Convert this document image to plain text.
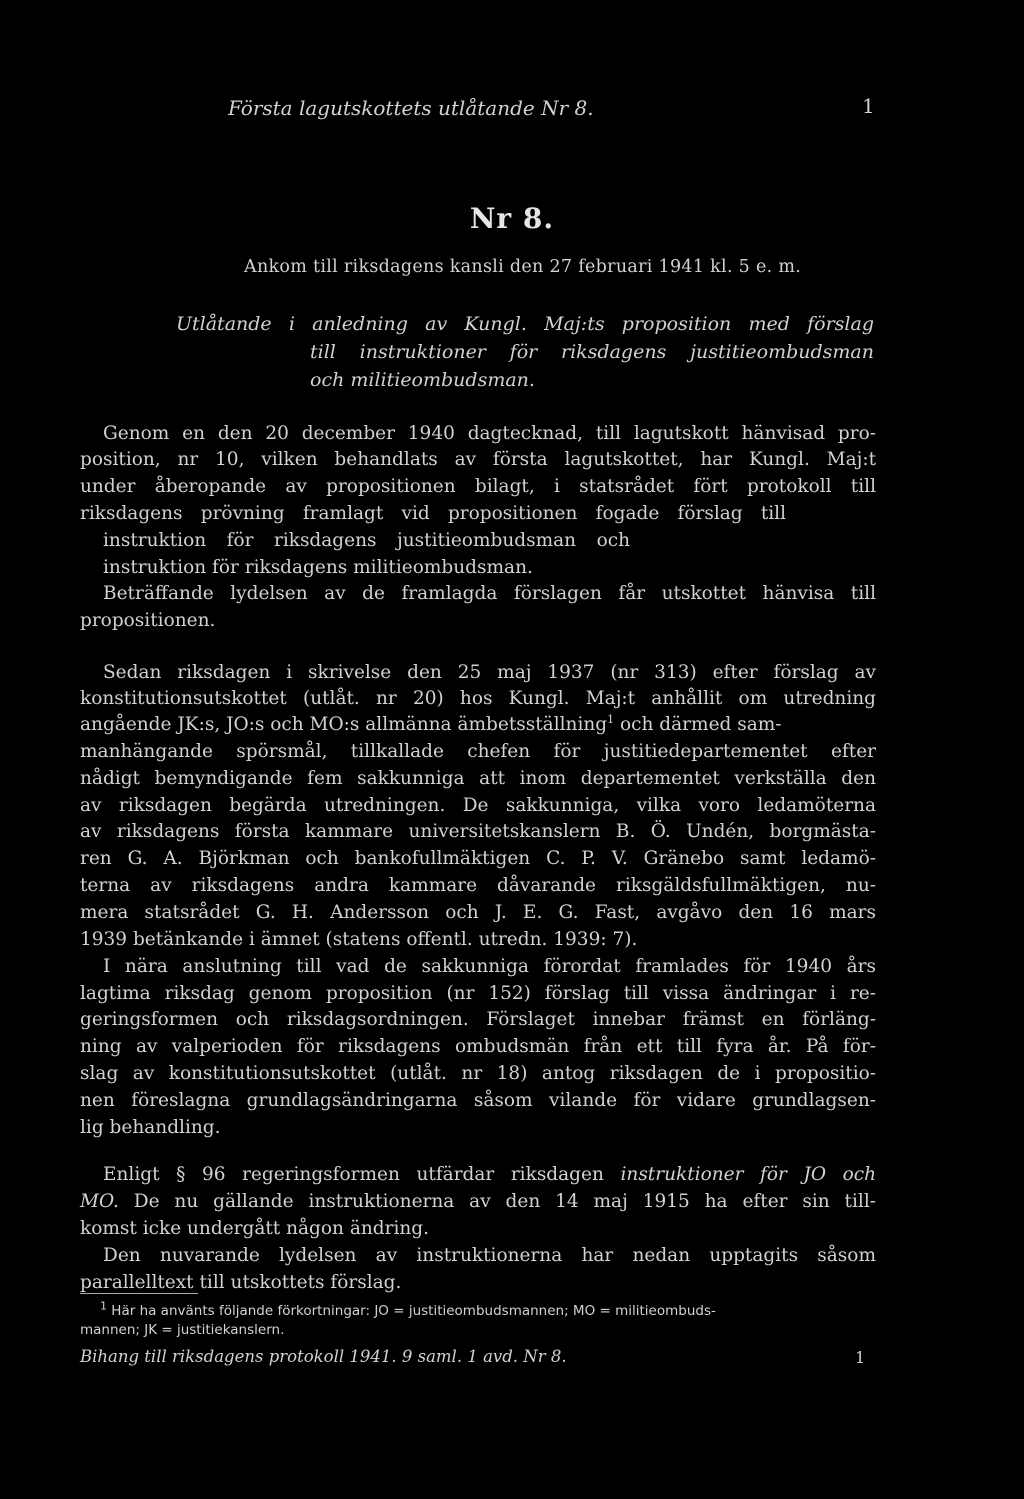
Första lagutskottets utlåtande Nr 8.	1
Nr 8.
Ankom till riksdagens kansli den 27 februari 1941 kl. 5 e. m.
Utlåtande i anledning av Kungl. Maj:ts proposition med förslag
till instruktioner för riksdagens justitieombudsman
och militieombudsman.
Genom en den 20 december 1940 dagtecknad, till lagutskott hänvisad pro-
position, nr 10, vilken behandlats av första lagutskottet, har Kungl. Maj:t
under åberopande av propositionen bilagt, i statsrådet fört protokoll till
riksdagens prövning framlagt vid propositionen fogade förslag till
instruktion för riksdagens justitieombudsman och
instruktion för riksdagens militieombudsman.
Beträffande lydelsen av de framlagda förslagen får utskottet hänvisa till
propositionen.
Sedan riksdagen i skrivelse den 25 maj 1937 (nr 313) efter förslag av
konstitutionsutskottet (utlåt. nr 20) hos Kungl. Maj:t anhållit om utredning
angående JK:s, JO:s och MO:s allmänna ämbetsställning$^1$ och därmed sam-
manhängande spörsmål, tillkallade chefen för justitiedepartementet efter
nådigt bemyndigande fem sakkunniga att inom departementet verkställa den
av riksdagen begärda utredningen. De sakkunniga, vilka voro ledamöterna
av riksdagens första kammare universitetskanslern B. Ö. Undén, borgmästa-
ren G. A. Björkman och bankofullmäktigen C. P. V. Gränebo samt ledamö-
terna av riksdagens andra kammare dåvarande riksgäldsfullmäktigen, nu-
mera statsrådet G. H. Andersson och J. E. G. Fast, avgåvo den 16 mars
1939 betänkande i ämnet (statens offentl. utredn. 1939: 7).
I nära anslutning till vad de sakkunniga förordat framlades för 1940 års
lagtima riksdag genom proposition (nr 152) förslag till vissa ändringar i re-
geringsformen och riksdagsordningen. Förslaget innebar främst en förläng-
ning av valperioden för riksdagens ombudsmän från ett till fyra år. På för-
slag av konstitutionsutskottet (utlåt. nr 18) antog riksdagen de i propositio-
nen föreslagna grundlagsändringarna såsom vilande för vidare grundlagsen-
lig behandling.
Enligt § 96 regeringsformen utfärdar riksdagen instruktioner för JO och
MO. De nu gällande instruktionerna av den 14 maj 1915 ha efter sin till-
komst icke undergått någon ändring.
Den nuvarande lydelsen av instruktionerna har nedan upptagits såsom
parallelltext till utskottets förslag.
$^1$ Här ha använts följande förkortningar: JO = justitieombudsmannen; MO = militieombuds-
mannen; JK = justitiekanslern.
Bihang till riksdagens protokoll 1941. 9 saml. 1 avd. Nr 8.	1
